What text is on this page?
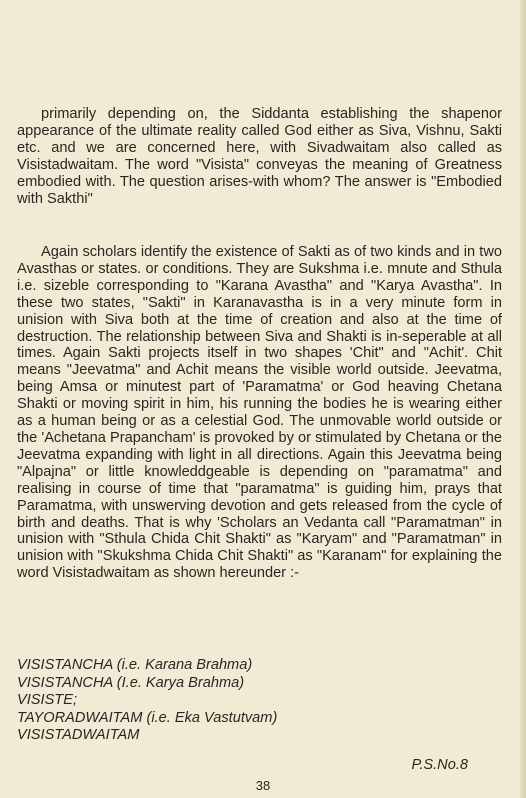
primarily depending on, the Siddanta establishing the shapenor appearance of the ultimate reality called God either as Siva, Vishnu, Sakti etc. and we are concerned here, with Sivadwaitam also called as Visistadwaitam. The word "Visista" conveyas the meaning of Greatness embodied with. The question arises-with whom? The answer is "Embodied with Sakthi"

Again scholars identify the existence of Sakti as of two kinds and in two Avasthas or states. or conditions. They are Sukshma i.e. mnute and Sthula i.e. sizeble corresponding to "Karana Avastha" and "Karya Avastha". In these two states, "Sakti" in Karanavastha is in a very minute form in unision with Siva both at the time of creation and also at the time of destruction. The relationship between Siva and Shakti is in-seperable at all times. Again Sakti projects itself in two shapes 'Chit" and "Achit'. Chit means "Jeevatma" and Achit means the visible world outside. Jeevatma, being Amsa or minutest part of 'Paramatma' or God heaving Chetana Shakti or moving spirit in him, his running the bodies he is wearing either as a human being or as a celestial God. The unmovable world outside or the 'Achetana Prapancham' is provoked by or stimulated by Chetana or the Jeevatma expanding with light in all directions. Again this Jeevatma being "Alpajna" or little knowleddgeable is depending on "paramatma" and realising in course of time that "paramatma" is guiding him, prays that Paramatma, with unswerving devotion and gets released from the cycle of birth and deaths. That is why 'Scholars an Vedanta call "Paramatman" in unision with "Sthula Chida Chit Shakti" as "Karyam" and "Paramatman" in unision with "Skukshma Chida Chit Shakti" as "Karanam" for explaining the word Visistadwaitam as shown hereunder :-

VISISTANCHA (i.e. Karana Brahma)
VISISTANCHA (I.e. Karya Brahma)
VISISTE;
TAYORADWAITAM (i.e. Eka Vastutvam)
VISISTADWAITAM
P.S.No.8
38
